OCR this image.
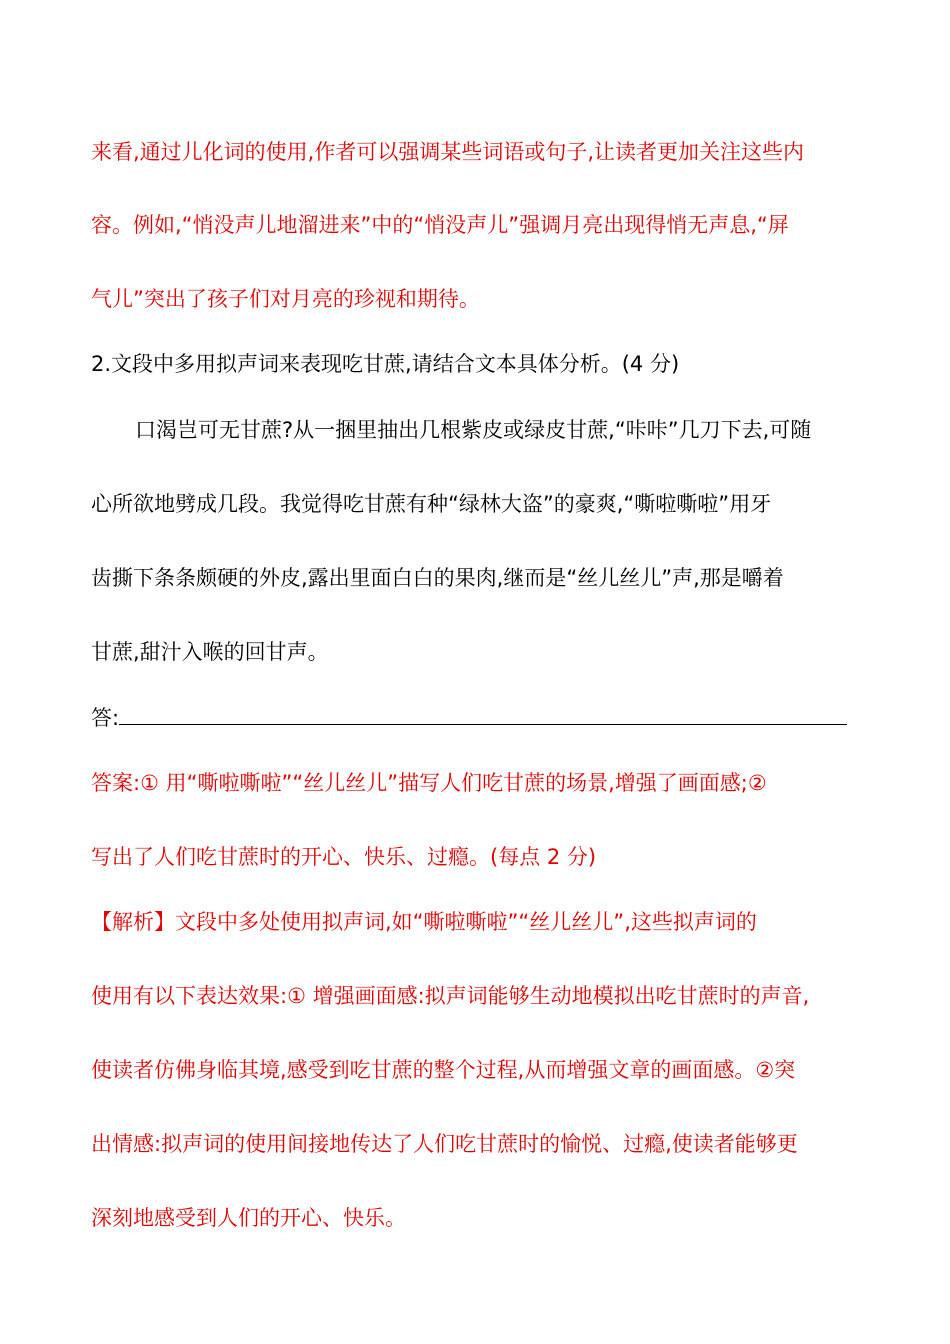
来看,通过儿化词的使用,作者可以强调某些词语或句子,让读者更加关注这些内
容。例如,“悄没声儿地溜进来”中的“悄没声儿”强调月亮出现得悄无声息,“屏
气儿”突出了孩子们对月亮的珍视和期待。
2.文段中多用拟声词来表现吃甘蔗,请结合文本具体分析。(4 分)
口渴岂可无甘蔗?从一捆里抽出几根紫皮或绿皮甘蔗,“咔咔”几刀下去,可随
心所欲地劈成几段。我觉得吃甘蔗有种“绿林大盗”的豪爽,“嘶啦嘶啦”用牙
齿撕下条条颇硬的外皮,露出里面白白的果肉,继而是“丝儿丝儿”声,那是嚼着
甘蔗,甜汁入喉的回甘声。
答:
答案:① 用“嘶啦嘶啦”“丝儿丝儿”描写人们吃甘蔗的场景,增强了画面感;②
写出了人们吃甘蔗时的开心、快乐、过瘾。(每点 2 分)
【解析】文段中多处使用拟声词,如“嘶啦嘶啦”“丝儿丝儿”,这些拟声词的
使用有以下表达效果:① 增强画面感:拟声词能够生动地模拟出吃甘蔗时的声音,
使读者仿佛身临其境,感受到吃甘蔗的整个过程,从而增强文章的画面感。②突
出情感:拟声词的使用间接地传达了人们吃甘蔗时的愉悦、过瘾,使读者能够更
深刻地感受到人们的开心、快乐。
